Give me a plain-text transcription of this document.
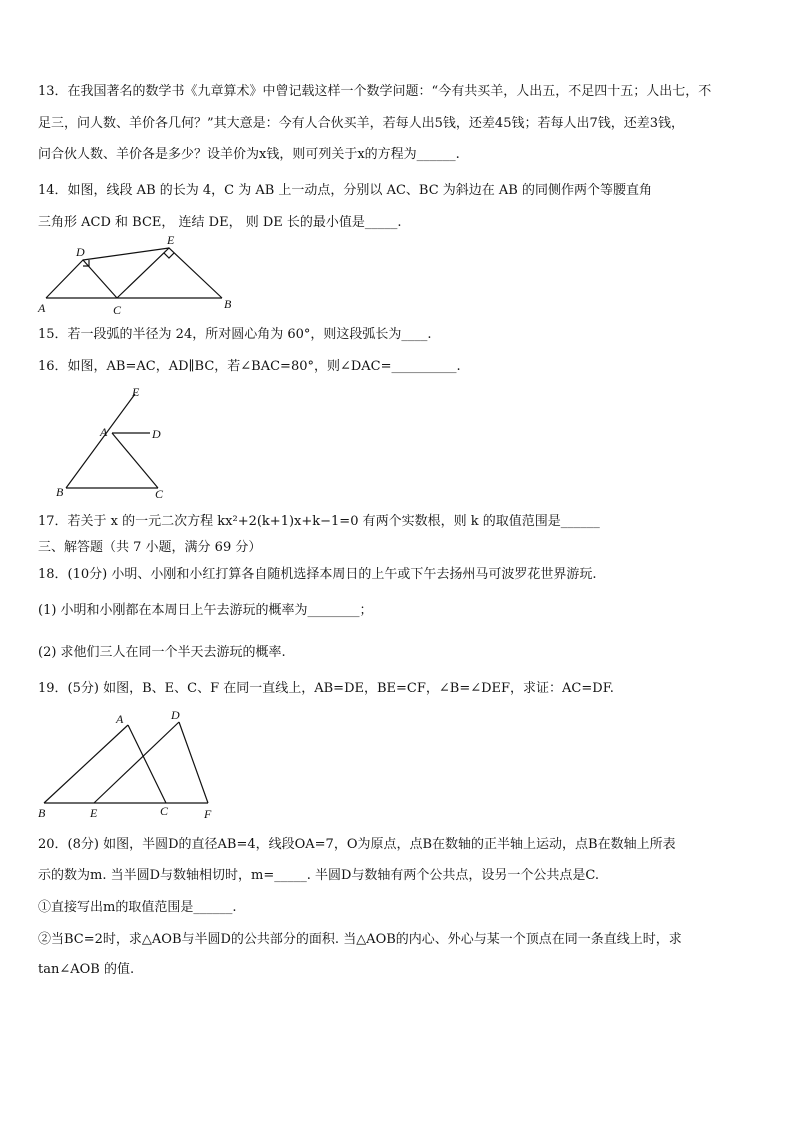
13．在我国著名的数学书《九章算术》中曾记载这样一个数学问题：“今有共买羊，人出五，不足四十五；人出七，不
足三，问人数、羊价各几何？”其大意是：今有人合伙买羊，若每人出5钱，还差45钱；若每人出7钱，还差3钱，
问合伙人数、羊价各是多少？设羊价为x钱，则可列关于x的方程为______.
14．如图，线段 AB 的长为 4，C 为 AB 上一动点，分别以 AC、BC 为斜边在 AB 的同侧作两个等腰直角
三角形 ACD 和 BCE， 连结 DE， 则 DE 长的最小值是_____.
D
E
A	C	B
15．若一段弧的半径为 24，所对圆心角为 60°，则这段弧长为____.
16．如图，AB=AC，AD∥BC，若∠BAC=80°，则∠DAC=__________.
E
A	D
B	C
17．若关于 x 的一元二次方程 kx²+2(k+1)x+k−1=0 有两个实数根，则 k 的取值范围是______
三、解答题（共 7 小题，满分 69 分）
18．(10分) 小明、小刚和小红打算各自随机选择本周日的上午或下午去扬州马可波罗花世界游玩.
(1) 小明和小刚都在本周日上午去游玩的概率为________；
(2) 求他们三人在同一个半天去游玩的概率.
19．(5分) 如图，B、E、C、F 在同一直线上，AB=DE，BE=CF，∠B=∠DEF，求证：AC=DF.
A	D
B	E	C	F
20．(8分) 如图，半圆D的直径AB=4，线段OA=7，O为原点，点B在数轴的正半轴上运动，点B在数轴上所表
示的数为m. 当半圆D与数轴相切时，m=_____. 半圆D与数轴有两个公共点，设另一个公共点是C.
①直接写出m的取值范围是______.
②当BC=2时，求△AOB与半圆D的公共部分的面积. 当△AOB的内心、外心与某一个顶点在同一条直线上时，求
tan∠AOB 的值.
